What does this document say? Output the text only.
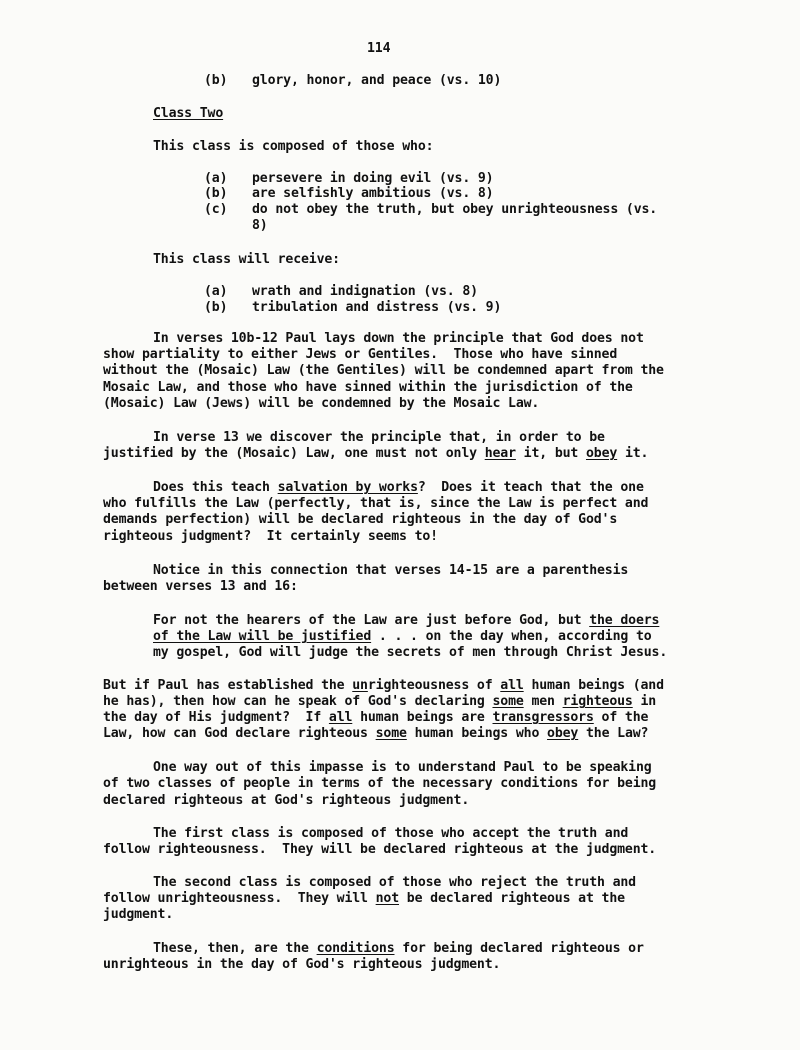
114
(b) glory, honor, and peace (vs. 10)
Class Two
This class is composed of those who:
(a) persevere in doing evil (vs. 9)
(b) are selfishly ambitious (vs. 8)
(c) do not obey the truth, but obey unrighteousness (vs.
8)
This class will receive:
(a) wrath and indignation (vs. 8)
(b) tribulation and distress (vs. 9)
In verses 10b-12 Paul lays down the principle that God does not
show partiality to either Jews or Gentiles.  Those who have sinned
without the (Mosaic) Law (the Gentiles) will be condemned apart from the
Mosaic Law, and those who have sinned within the jurisdiction of the
(Mosaic) Law (Jews) will be condemned by the Mosaic Law.
In verse 13 we discover the principle that, in order to be
justified by the (Mosaic) Law, one must not only hear it, but obey it.
Does this teach salvation by works?  Does it teach that the one
who fulfills the Law (perfectly, that is, since the Law is perfect and
demands perfection) will be declared righteous in the day of God's
righteous judgment?  It certainly seems to!
Notice in this connection that verses 14-15 are a parenthesis
between verses 13 and 16:
For not the hearers of the Law are just before God, but the doers
of the Law will be justified . . . on the day when, according to
my gospel, God will judge the secrets of men through Christ Jesus.
But if Paul has established the unrighteousness of all human beings (and
he has), then how can he speak of God's declaring some men righteous in
the day of His judgment?  If all human beings are transgressors of the
Law, how can God declare righteous some human beings who obey the Law?
One way out of this impasse is to understand Paul to be speaking
of two classes of people in terms of the necessary conditions for being
declared righteous at God's righteous judgment.
The first class is composed of those who accept the truth and
follow righteousness.  They will be declared righteous at the judgment.
The second class is composed of those who reject the truth and
follow unrighteousness.  They will not be declared righteous at the
judgment.
These, then, are the conditions for being declared righteous or
unrighteous in the day of God's righteous judgment.
